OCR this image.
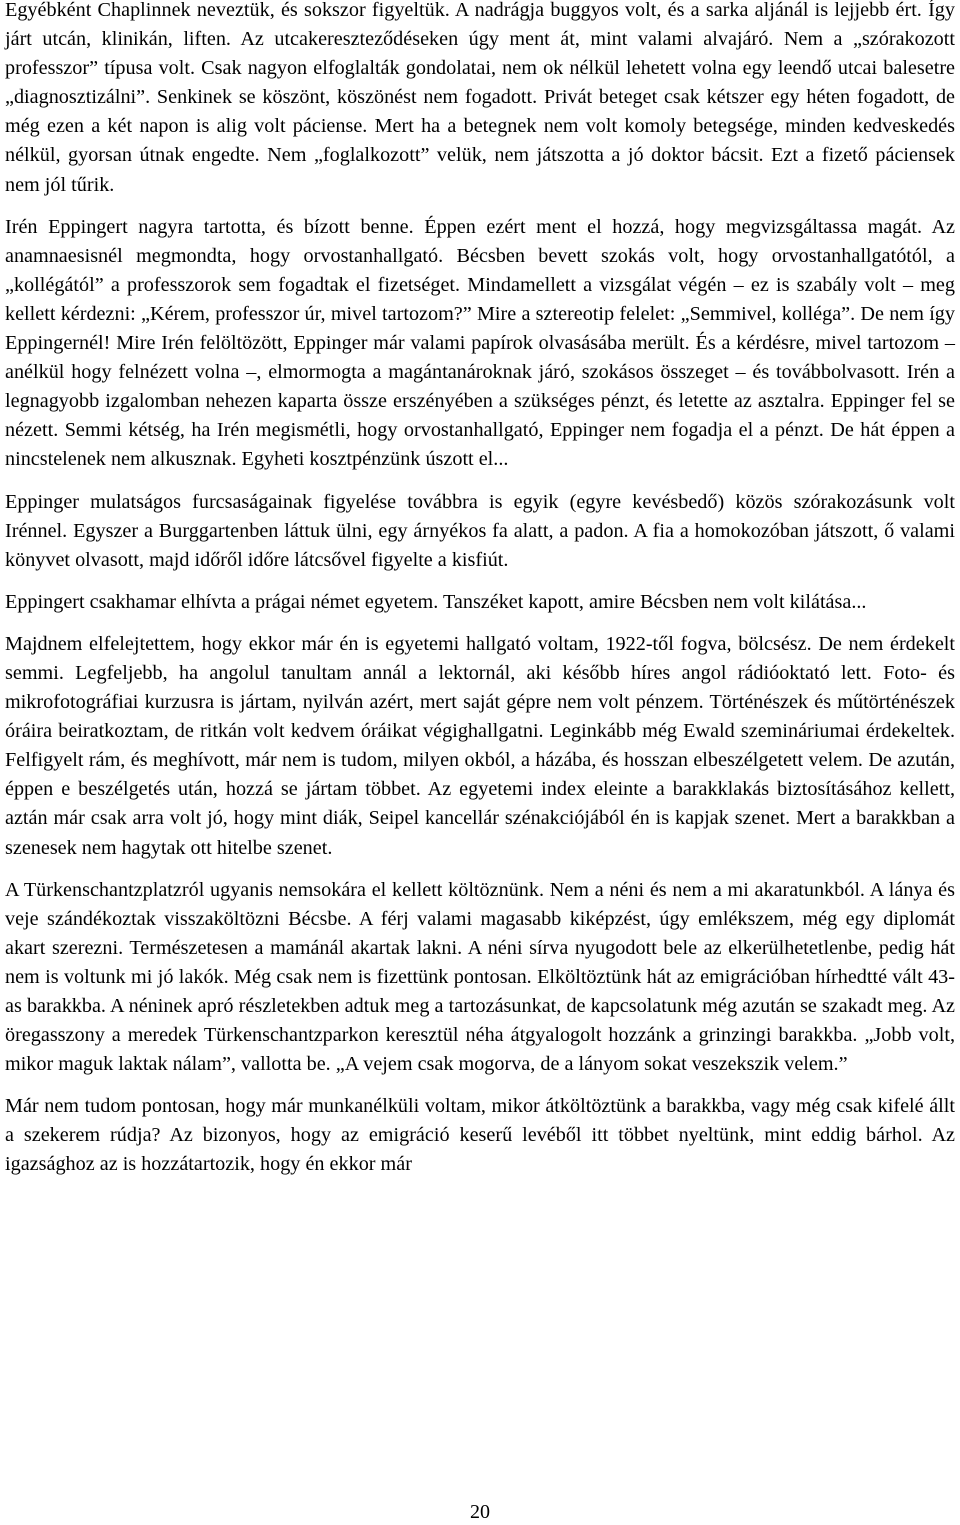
Egyébként Chaplinnek neveztük, és sokszor figyeltük. A nadrágja buggyos volt, és a sarka aljánál is lejjebb ért. Így járt utcán, klinikán, liften. Az utcakereszteződéseken úgy ment át, mint valami alvajáró. Nem a „szórakozott professzor” típusa volt. Csak nagyon elfoglalták gondolatai, nem ok nélkül lehetett volna egy leendő utcai balesetre „diagnosztizálni”. Senkinek se köszönt, köszönést nem fogadott. Privát beteget csak kétszer egy héten fogadott, de még ezen a két napon is alig volt páciense. Mert ha a betegnek nem volt komoly betegsége, minden kedveskedés nélkül, gyorsan útnak engedte. Nem „foglalkozott” velük, nem játszotta a jó doktor bácsit. Ezt a fizető páciensek nem jól tűrik.

Irén Eppingert nagyra tartotta, és bízott benne. Éppen ezért ment el hozzá, hogy megvizsgáltassa magát. Az anamnaesisnél megmondta, hogy orvostanhallgató. Bécsben bevett szokás volt, hogy orvostanhallgatótól, a „kollégától” a professzorok sem fogadtak el fizetséget. Mindamellett a vizsgálat végén – ez is szabály volt – meg kellett kérdezni: „Kérem, professzor úr, mivel tartozom?” Mire a sztereotip felelet: „Semmivel, kolléga”. De nem így Eppingernél! Mire Irén felöltözött, Eppinger már valami papírok olvasásába merült. És a kérdésre, mivel tartozom – anélkül hogy felnézett volna –, elmormogta a magántanároknak járó, szokásos összeget – és továbbolvasott. Irén a legnagyobb izgalomban nehezen kaparta össze erszényében a szükséges pénzt, és letette az asztalra. Eppinger fel se nézett. Semmi kétség, ha Irén megismétli, hogy orvostanhallgató, Eppinger nem fogadja el a pénzt. De hát éppen a nincstelenek nem alkusznak. Egyheti kosztpénzünk úszott el...

Eppinger mulatságos furcsaságainak figyelése továbbra is egyik (egyre kevésbedő) közös szórakozásunk volt Irénnel. Egyszer a Burggartenben láttuk ülni, egy árnyékos fa alatt, a padon. A fia a homokozóban játszott, ő valami könyvet olvasott, majd időről időre látcsővel figyelte a kisfiút.

Eppingert csakhamar elhívta a prágai német egyetem. Tanszéket kapott, amire Bécsben nem volt kilátása...

Majdnem elfelejtettem, hogy ekkor már én is egyetemi hallgató voltam, 1922-től fogva, bölcsész. De nem érdekelt semmi. Legfeljebb, ha angolul tanultam annál a lektornál, aki később híres angol rádióoktató lett. Foto- és mikrofotográfiai kurzusra is jártam, nyilván azért, mert saját gépre nem volt pénzem. Történészek és műtörténészek óráira beiratkoztam, de ritkán volt kedvem óráikat végighallgatni. Leginkább még Ewald szemináriumai érdekeltek. Felfigyelt rám, és meghívott, már nem is tudom, milyen okból, a házába, és hosszan elbeszélgetett velem. De azután, éppen e beszélgetés után, hozzá se jártam többet. Az egyetemi index eleinte a barakklakás biztosításához kellett, aztán már csak arra volt jó, hogy mint diák, Seipel kancellár szénakciójából én is kapjak szenet. Mert a barakkban a szenesek nem hagytak ott hitelbe szenet.

A Türkenschantzplatzról ugyanis nemsokára el kellett költöznünk. Nem a néni és nem a mi akaratunkból. A lánya és veje szándékoztak visszaköltözni Bécsbe. A férj valami magasabb kiképzést, úgy emlékszem, még egy diplomát akart szerezni. Természetesen a mamánál akartak lakni. A néni sírva nyugodott bele az elkerülhetetlenbe, pedig hát nem is voltunk mi jó lakók. Még csak nem is fizettünk pontosan. Elköltöztünk hát az emigrációban hírhedtté vált 43-as barakkba. A néninek apró részletekben adtuk meg a tartozásunkat, de kapcsolatunk még azután se szakadt meg. Az öregasszony a meredek Türkenschantzparkon keresztül néha átgyalogolt hozzánk a grinzingi barakkba. „Jobb volt, mikor maguk laktak nálam”, vallotta be. „A vejem csak mogorva, de a lányom sokat veszekszik velem.”

Már nem tudom pontosan, hogy már munkanélküli voltam, mikor átköltöztünk a barakkba, vagy még csak kifelé állt a szekerem rúdja? Az bizonyos, hogy az emigráció keserű levéből itt többet nyeltünk, mint eddig bárhol. Az igazsághoz az is hozzátartozik, hogy én ekkor már

20
